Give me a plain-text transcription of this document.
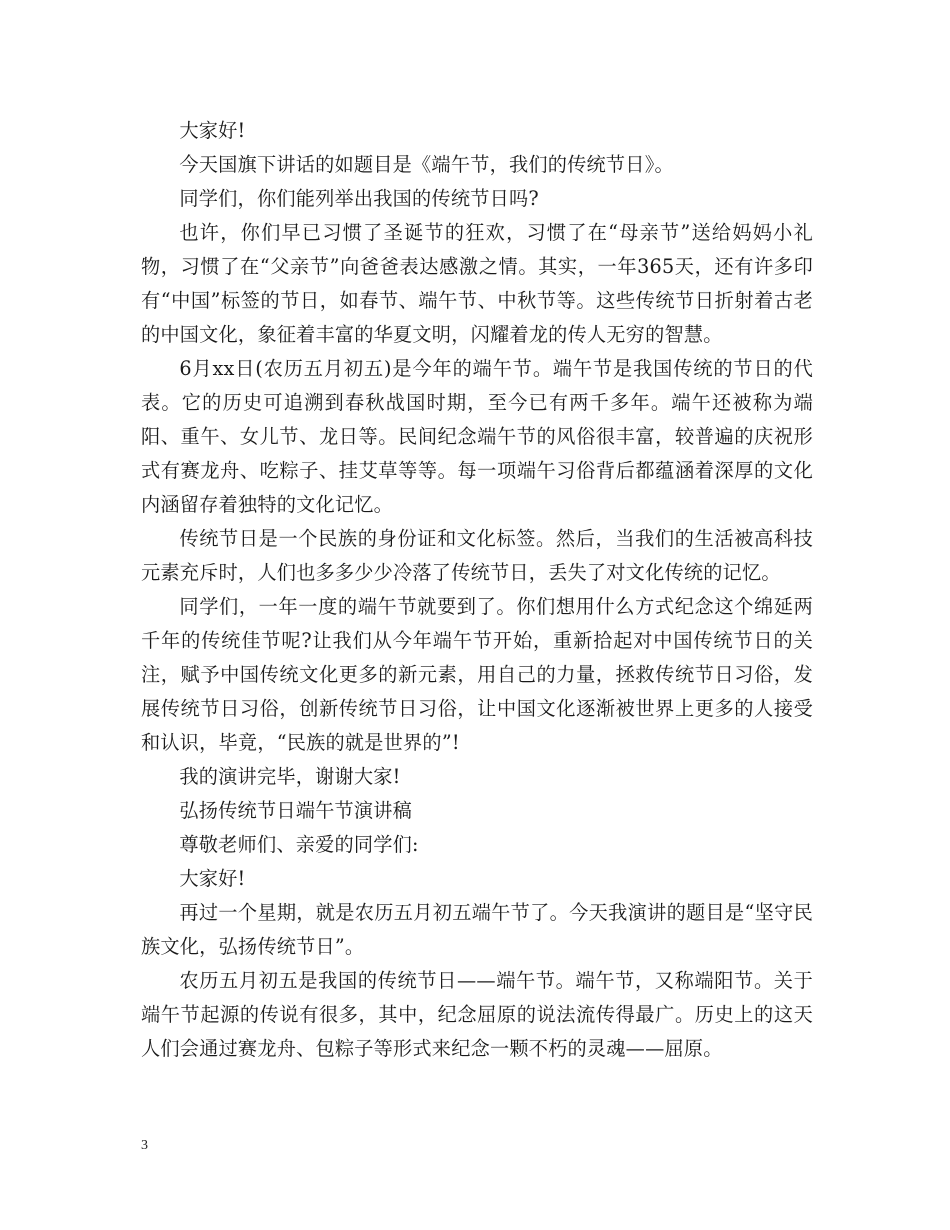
大家好!

今天国旗下讲话的如题目是《端午节，我们的传统节日》。

同学们，你们能列举出我国的传统节日吗?

也许，你们早已习惯了圣诞节的狂欢，习惯了在“母亲节”送给妈妈小礼物，习惯了在“父亲节”向爸爸表达感激之情。其实，一年365天，还有许多印有“中国”标签的节日，如春节、端午节、中秋节等。这些传统节日折射着古老的中国文化，象征着丰富的华夏文明，闪耀着龙的传人无穷的智慧。

6月xx日(农历五月初五)是今年的端午节。端午节是我国传统的节日的代表。它的历史可追溯到春秋战国时期，至今已有两千多年。端午还被称为端阳、重午、女儿节、龙日等。民间纪念端午节的风俗很丰富，较普遍的庆祝形式有赛龙舟、吃粽子、挂艾草等等。每一项端午习俗背后都蕴涵着深厚的文化内涵留存着独特的文化记忆。

传统节日是一个民族的身份证和文化标签。然后，当我们的生活被高科技元素充斥时，人们也多多少少冷落了传统节日，丢失了对文化传统的记忆。

同学们，一年一度的端午节就要到了。你们想用什么方式纪念这个绵延两千年的传统佳节呢?让我们从今年端午节开始，重新拾起对中国传统节日的关注，赋予中国传统文化更多的新元素，用自己的力量，拯救传统节日习俗，发展传统节日习俗，创新传统节日习俗，让中国文化逐渐被世界上更多的人接受和认识，毕竟，“民族的就是世界的”!

我的演讲完毕，谢谢大家!

弘扬传统节日端午节演讲稿

尊敬老师们、亲爱的同学们:

大家好!

再过一个星期，就是农历五月初五端午节了。今天我演讲的题目是“坚守民族文化，弘扬传统节日”。

农历五月初五是我国的传统节日——端午节。端午节，又称端阳节。关于端午节起源的传说有很多，其中，纪念屈原的说法流传得最广。历史上的这天人们会通过赛龙舟、包粽子等形式来纪念一颗不朽的灵魂——屈原。

3
